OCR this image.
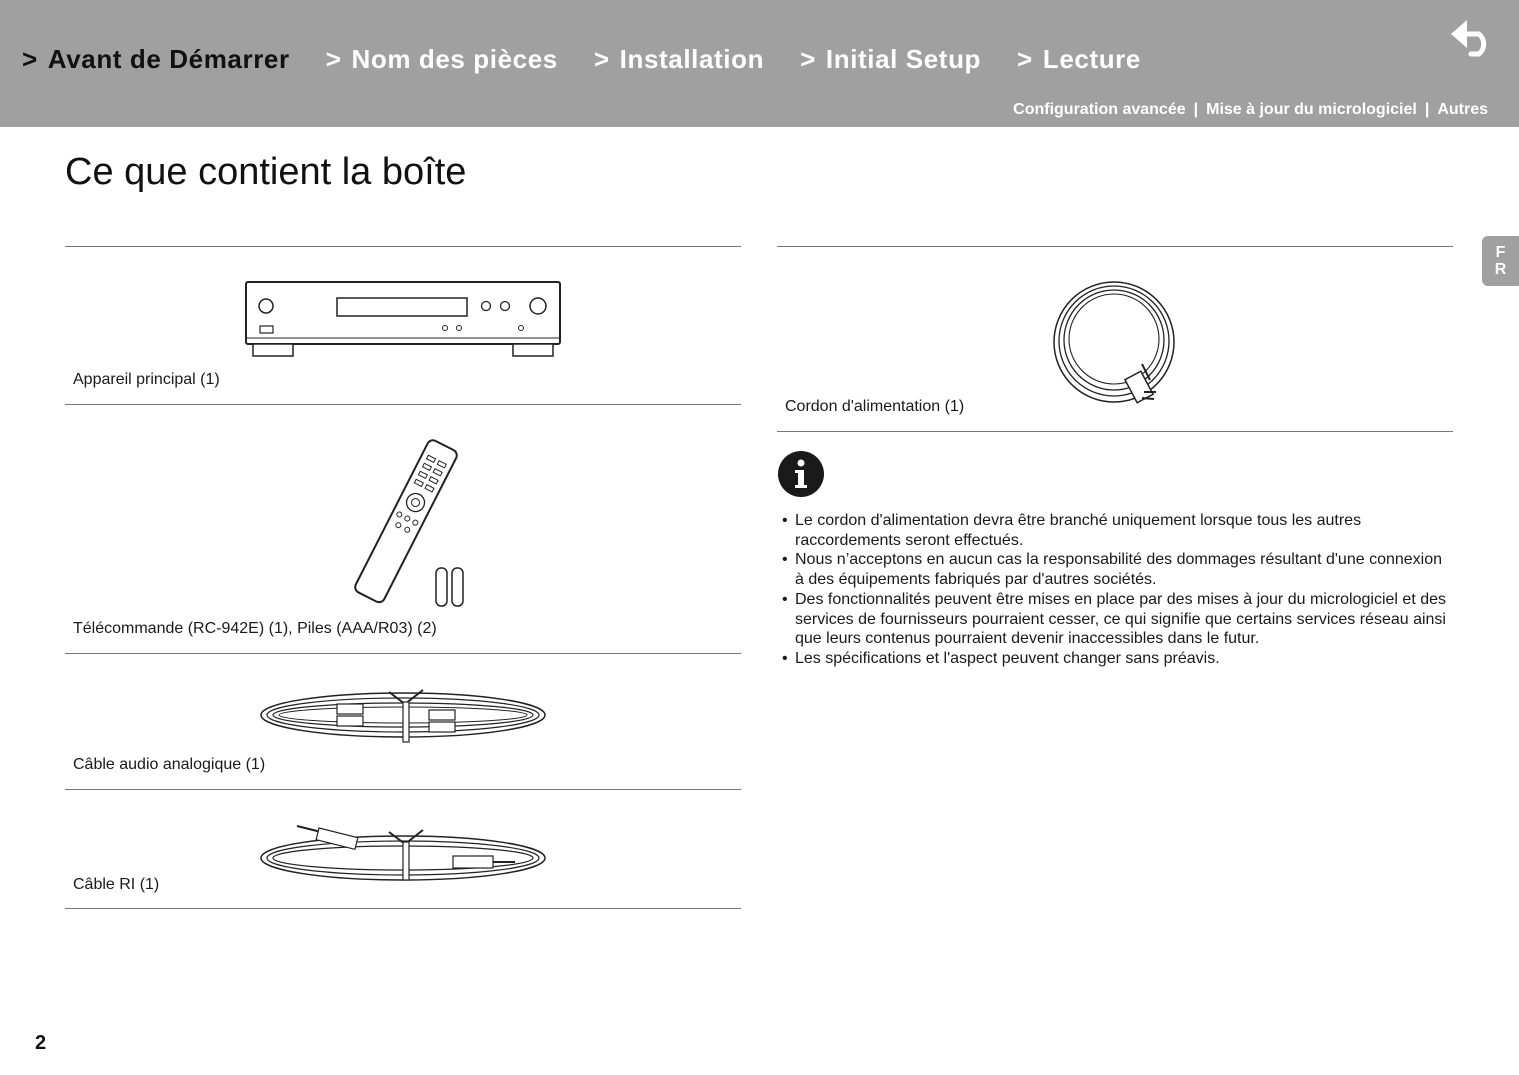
> Avant de Démarrer > Nom des pièces > Installation > Initial Setup > Lecture
Configuration avancée | Mise à jour du micrologiciel | Autres
F
R
Ce que contient la boîte
Appareil principal (1)
Télécommande (RC-942E) (1), Piles (AAA/R03) (2)
Câble audio analogique (1)
Câble RI (1)
Cordon d'alimentation (1)
• Le cordon d'alimentation devra être branché uniquement lorsque tous les autres raccordements seront effectués.
• Nous n’acceptons en aucun cas la responsabilité des dommages résultant d'une connexion à des équipements fabriqués par d'autres sociétés.
• Des fonctionnalités peuvent être mises en place par des mises à jour du micrologiciel et des services de fournisseurs pourraient cesser, ce qui signifie que certains services réseau ainsi que leurs contenus pourraient devenir inaccessibles dans le futur.
• Les spécifications et l'aspect peuvent changer sans préavis.
2
